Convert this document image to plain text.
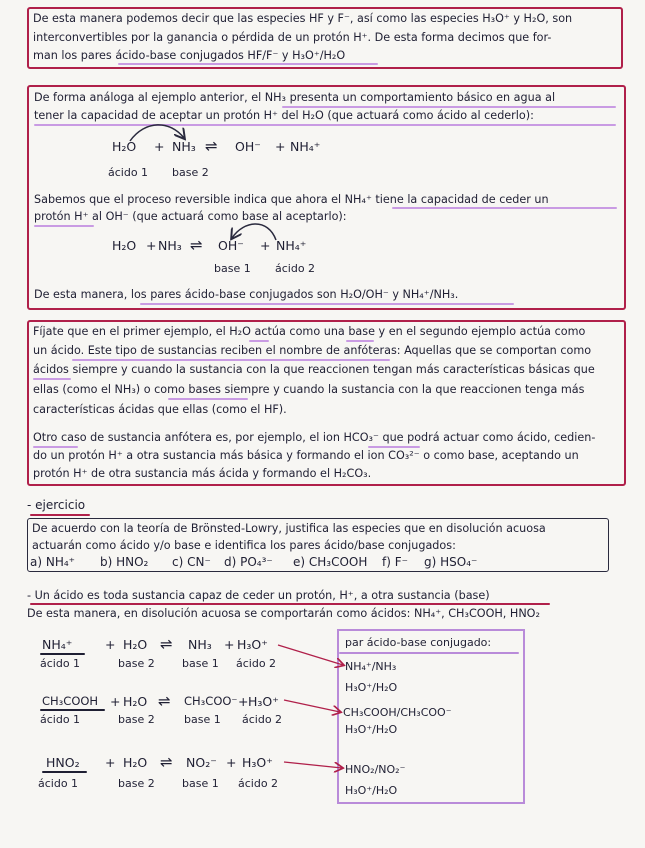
De esta manera podemos decir que las especies HF y F⁻, así como las especies H₃O⁺ y H₂O, son
interconvertibles por la ganancia o pérdida de un protón H⁺. De esta forma decimos que for-
man los pares ácido-base conjugados HF/F⁻ y H₃O⁺/H₂O
De forma análoga al ejemplo anterior, el NH₃ presenta un comportamiento básico en agua al
tener la capacidad de aceptar un protón H⁺ del H₂O (que actuará como ácido al cederlo):
H₂O + NH₃ ⇌ OH⁻ + NH₄⁺
ácido 1 base 2
Sabemos que el proceso reversible indica que ahora el NH₄⁺ tiene la capacidad de ceder un
protón H⁺ al OH⁻ (que actuará como base al aceptarlo):
H₂O + NH₃ ⇌ OH⁻ + NH₄⁺
base 1 ácido 2
De esta manera, los pares ácido-base conjugados son H₂O/OH⁻ y NH₄⁺/NH₃.
Fíjate que en el primer ejemplo, el H₂O actúa como una base y en el segundo ejemplo actúa como
un ácido. Este tipo de sustancias reciben el nombre de anfóteras: Aquellas que se comportan como
ácidos siempre y cuando la sustancia con la que reaccionen tengan más características básicas que
ellas (como el NH₃) o como bases siempre y cuando la sustancia con la que reaccionen tenga más
características ácidas que ellas (como el HF).
Otro caso de sustancia anfótera es, por ejemplo, el ion HCO₃⁻ que podrá actuar como ácido, cedien-
do un protón H⁺ a otra sustancia más básica y formando el ion CO₃²⁻ o como base, aceptando un
protón H⁺ de otra sustancia más ácida y formando el H₂CO₃.
- ejercicio
De acuerdo con la teoría de Brönsted-Lowry, justifica las especies que en disolución acuosa
actuarán como ácido y/o base e identifica los pares ácido/base conjugados:
a) NH₄⁺ b) HNO₂ c) CN⁻ d) PO₄³⁻ e) CH₃COOH f) F⁻ g) HSO₄⁻
- Un ácido es toda sustancia capaz de ceder un protón, H⁺, a otra sustancia (base)
De esta manera, en disolución acuosa se comportarán como ácidos: NH₄⁺, CH₃COOH, HNO₂
NH₄⁺	+ H₂O ⇌ NH₃ + H₃O⁺
ácido 1	base 2 base 1 ácido 2
CH₃COOH + H₂O ⇌ CH₃COO⁻ + H₃O⁺
ácido 1	base 2	base 1 ácido 2
HNO₂ + H₂O ⇌ NO₂⁻ + H₃O⁺
ácido 1	base 2 base 1 ácido 2
par ácido-base conjugado:
NH₄⁺/NH₃
H₃O⁺/H₂O
CH₃COOH/CH₃COO⁻
H₃O⁺/H₂O
HNO₂/NO₂⁻
H₃O⁺/H₂O
